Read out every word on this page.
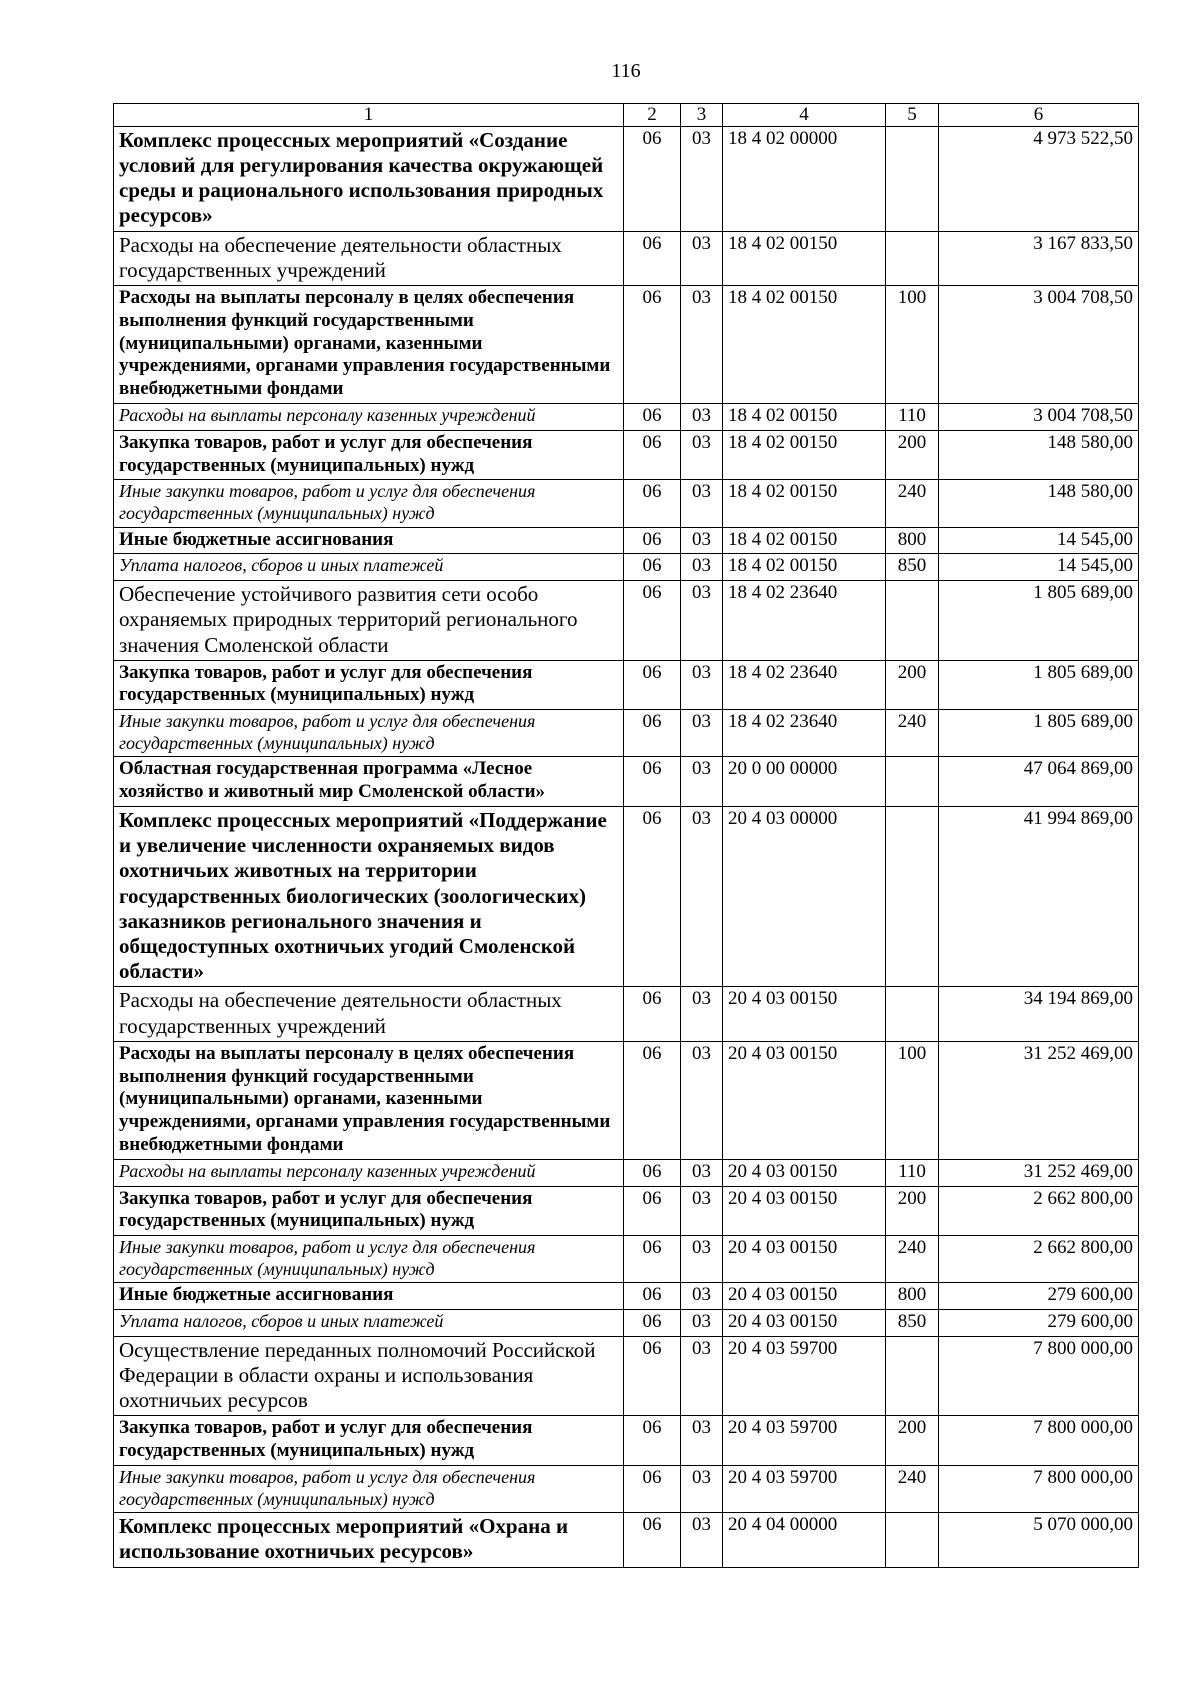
116
1	2	3	4	5	6
Комплекс процессных мероприятий «Создание условий для регулирования качества окружающей среды и рационального использования природных ресурсов»	06	03	18 4 02 00000		4 973 522,50
Расходы на обеспечение деятельности областных государственных учреждений	06	03	18 4 02 00150		3 167 833,50
Расходы на выплаты персоналу в целях обеспечения выполнения функций государственными (муниципальными) органами, казенными учреждениями, органами управления государственными внебюджетными фондами	06	03	18 4 02 00150	100	3 004 708,50
Расходы на выплаты персоналу казенных учреждений	06	03	18 4 02 00150	110	3 004 708,50
Закупка товаров, работ и услуг для обеспечения государственных (муниципальных) нужд	06	03	18 4 02 00150	200	148 580,00
Иные закупки товаров, работ и услуг для обеспечения государственных (муниципальных) нужд	06	03	18 4 02 00150	240	148 580,00
Иные бюджетные ассигнования	06	03	18 4 02 00150	800	14 545,00
Уплата налогов, сборов и иных платежей	06	03	18 4 02 00150	850	14 545,00
Обеспечение устойчивого развития сети особо охраняемых природных территорий регионального значения Смоленской области	06	03	18 4 02 23640		1 805 689,00
Закупка товаров, работ и услуг для обеспечения государственных (муниципальных) нужд	06	03	18 4 02 23640	200	1 805 689,00
Иные закупки товаров, работ и услуг для обеспечения государственных (муниципальных) нужд	06	03	18 4 02 23640	240	1 805 689,00
Областная государственная программа «Лесное хозяйство и животный мир Смоленской области»	06	03	20 0 00 00000		47 064 869,00
Комплекс процессных мероприятий «Поддержание и увеличение численности охраняемых видов охотничьих животных на территории государственных биологических (зоологических) заказников регионального значения и общедоступных охотничьих угодий Смоленской области»	06	03	20 4 03 00000		41 994 869,00
Расходы на обеспечение деятельности областных государственных учреждений	06	03	20 4 03 00150		34 194 869,00
Расходы на выплаты персоналу в целях обеспечения выполнения функций государственными (муниципальными) органами, казенными учреждениями, органами управления государственными внебюджетными фондами	06	03	20 4 03 00150	100	31 252 469,00
Расходы на выплаты персоналу казенных учреждений	06	03	20 4 03 00150	110	31 252 469,00
Закупка товаров, работ и услуг для обеспечения государственных (муниципальных) нужд	06	03	20 4 03 00150	200	2 662 800,00
Иные закупки товаров, работ и услуг для обеспечения государственных (муниципальных) нужд	06	03	20 4 03 00150	240	2 662 800,00
Иные бюджетные ассигнования	06	03	20 4 03 00150	800	279 600,00
Уплата налогов, сборов и иных платежей	06	03	20 4 03 00150	850	279 600,00
Осуществление переданных полномочий Российской Федерации в области охраны и использования охотничьих ресурсов	06	03	20 4 03 59700		7 800 000,00
Закупка товаров, работ и услуг для обеспечения государственных (муниципальных) нужд	06	03	20 4 03 59700	200	7 800 000,00
Иные закупки товаров, работ и услуг для обеспечения государственных (муниципальных) нужд	06	03	20 4 03 59700	240	7 800 000,00
Комплекс процессных мероприятий «Охрана и использование охотничьих ресурсов»	06	03	20 4 04 00000		5 070 000,00
